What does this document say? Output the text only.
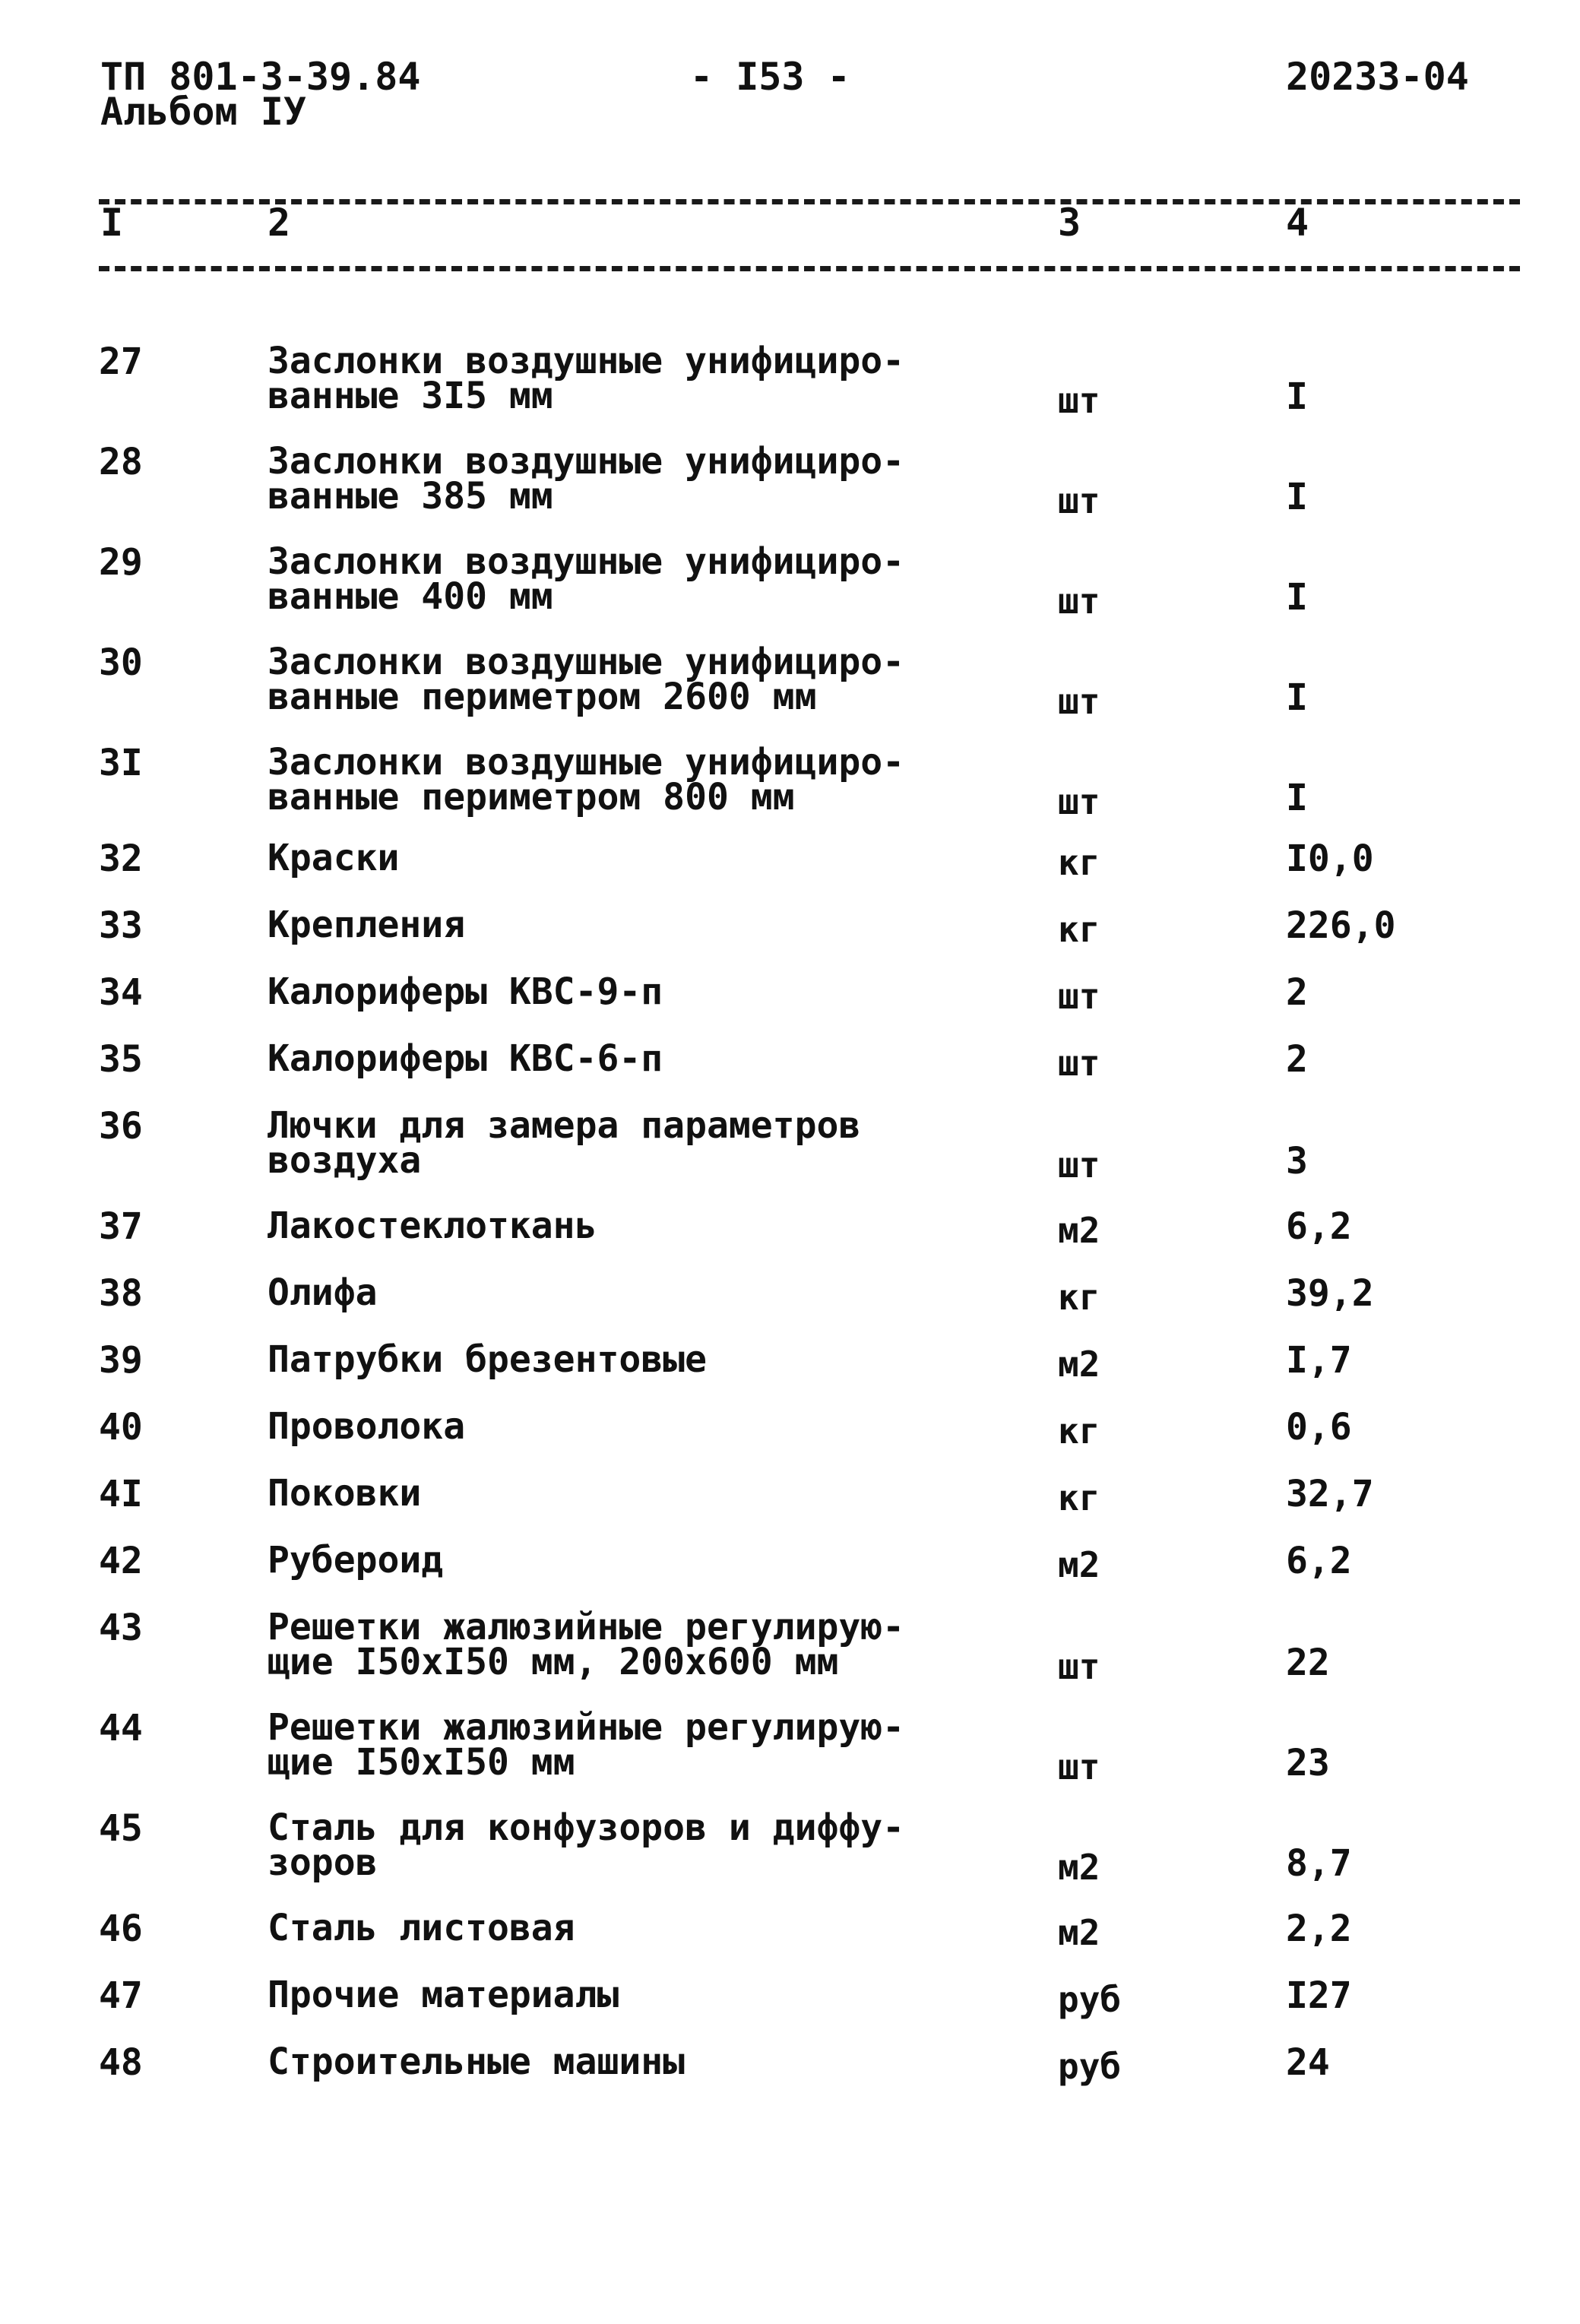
ТП 801-3-39.84
Альбом IУ
- I53 -	20233-04
I	2	3	4
27	Заслонки воздушные унифициро-
ванные 3I5 мм	шт	I
28	Заслонки воздушные унифициро-
ванные 385 мм	шт	I
29	Заслонки воздушные унифициро-
ванные 400 мм	шт	I
30	Заслонки воздушные унифициро-
ванные периметром 2600 мм	шт	I
3I	Заслонки воздушные унифициро-
ванные периметром 800 мм	шт	I
32	Краски	кг	I0,0
33	Крепления	кг	226,0
34	Калориферы КВС-9-п	шт	2
35	Калориферы КВС-6-п	шт	2
36	Лючки для замера параметров
воздуха	шт	3
37	Лакостеклоткань	м2	6,2
38	Олифа	кг	39,2
39	Патрубки брезентовые	м2	I,7
40	Проволока	кг	0,6
4I	Поковки	кг	32,7
42	Рубероид	м2	6,2
43	Решетки жалюзийные регулирую-
щие I50хI50 мм, 200х600 мм	шт	22
44	Решетки жалюзийные регулирую-
щие I50хI50 мм	шт	23
45	Сталь для конфузоров и диффу-
зоров	м2	8,7
46	Сталь листовая	м2	2,2
47	Прочие материалы	руб	I27
48	Строительные машины	руб	24
